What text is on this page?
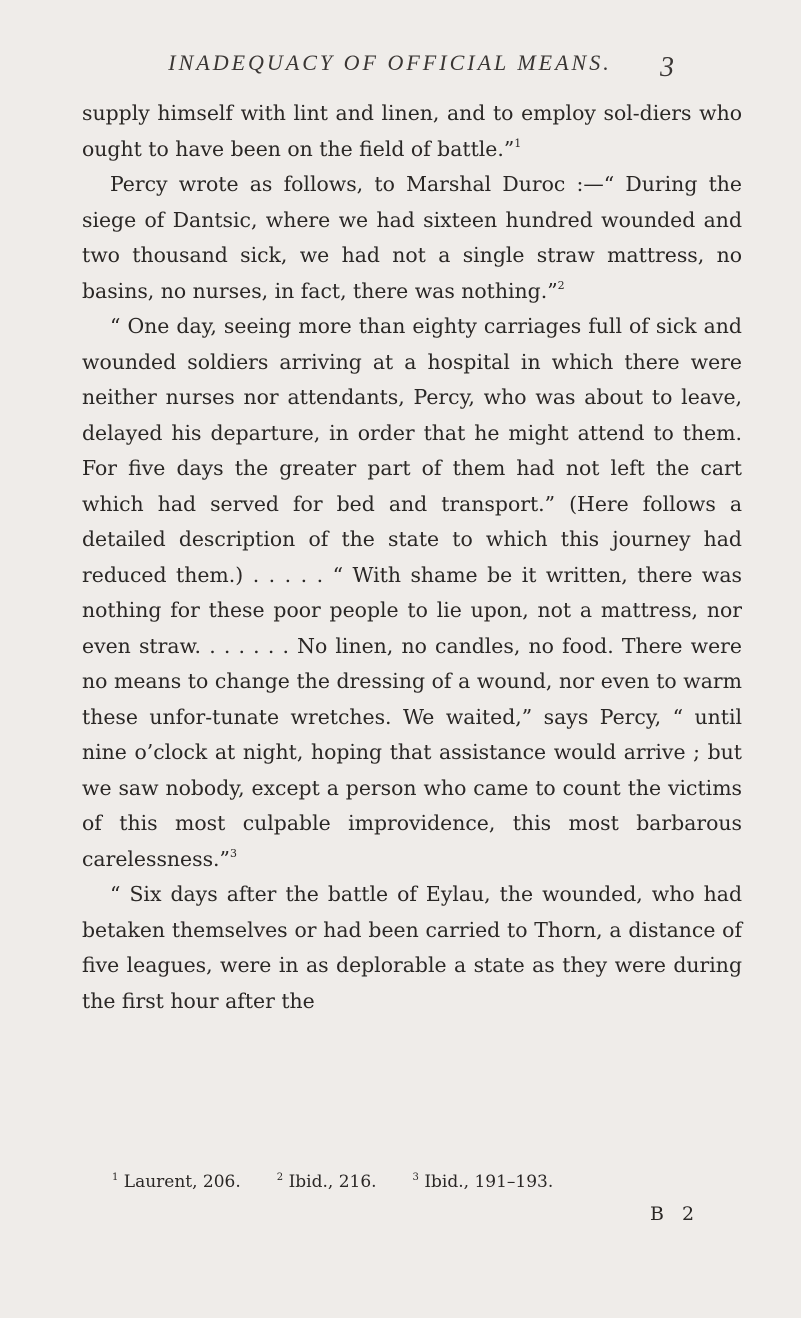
INADEQUACY OF OFFICIAL MEANS.	3

supply himself with lint and linen, and to employ sol-diers who ought to have been on the field of battle.”$^1$

Percy wrote as follows, to Marshal Duroc :—“ During the siege of Dantsic, where we had sixteen hundred wounded and two thousand sick, we had not a single straw mattress, no basins, no nurses, in fact, there was nothing.”$^2$

“ One day, seeing more than eighty carriages full of sick and wounded soldiers arriving at a hospital in which there were neither nurses nor attendants, Percy, who was about to leave, delayed his departure, in order that he might attend to them. For five days the greater part of them had not left the cart which had served for bed and transport.” (Here follows a detailed description of the state to which this journey had reduced them.) . . . . . “ With shame be it written, there was nothing for these poor people to lie upon, not a mattress, nor even straw. . . . . . . No linen, no candles, no food. There were no means to change the dressing of a wound, nor even to warm these unfor-tunate wretches. We waited,” says Percy, “ until nine o’clock at night, hoping that assistance would arrive ; but we saw nobody, except a person who came to count the victims of this most culpable improvidence, this most barbarous carelessness.”$^3$

“ Six days after the battle of Eylau, the wounded, who had betaken themselves or had been carried to Thorn, a distance of five leagues, were in as deplorable a state as they were during the first hour after the

$^1$ Laurent, 206.	$^2$ Ibid., 216.	$^3$ Ibid., 191–193.
B 2
